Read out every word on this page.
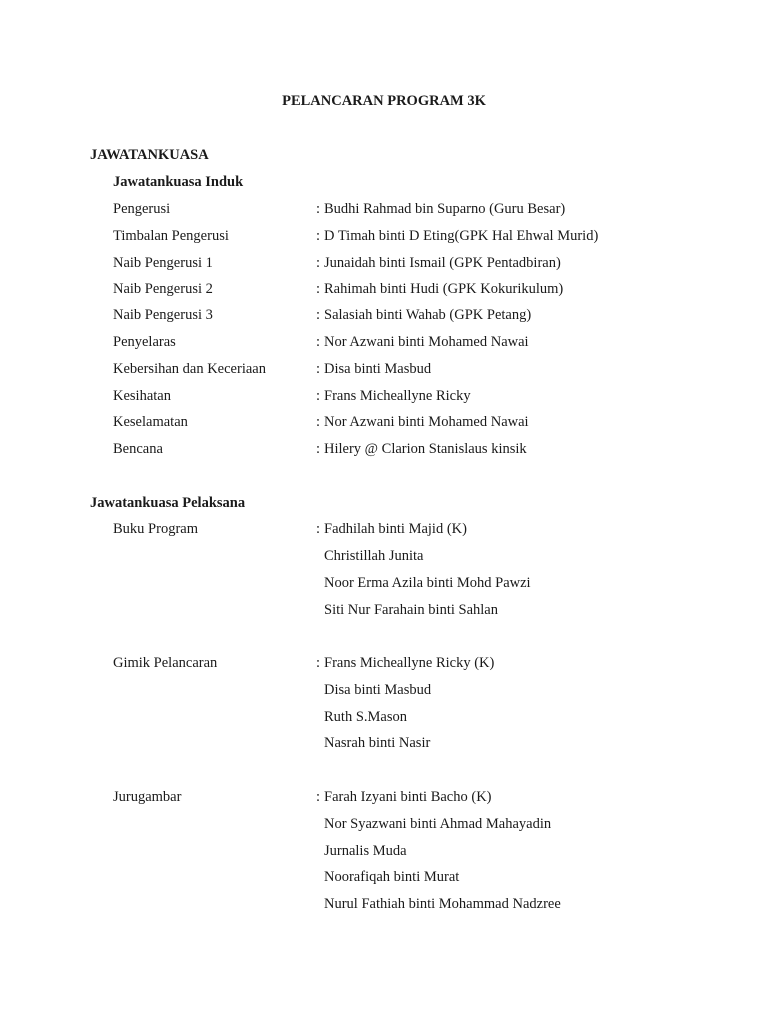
PELANCARAN PROGRAM 3K
JAWATANKUASA
Jawatankuasa Induk
Pengerusi	: Budhi Rahmad bin Suparno (Guru Besar)
Timbalan Pengerusi	: D Timah binti D Eting(GPK Hal Ehwal Murid)
Naib Pengerusi 1	: Junaidah binti Ismail (GPK Pentadbiran)
Naib Pengerusi 2	: Rahimah binti Hudi (GPK Kokurikulum)
Naib Pengerusi 3	: Salasiah binti Wahab (GPK Petang)
Penyelaras	: Nor Azwani binti Mohamed Nawai
Kebersihan dan Keceriaan	: Disa binti Masbud
Kesihatan	: Frans Micheallyne Ricky
Keselamatan	: Nor Azwani binti Mohamed Nawai
Bencana	: Hilery @ Clarion Stanislaus kinsik
Jawatankuasa Pelaksana
Buku Program	: Fadhilah binti Majid (K)
Christillah Junita
Noor Erma Azila binti Mohd Pawzi
Siti Nur Farahain binti Sahlan
Gimik Pelancaran	: Frans Micheallyne Ricky (K)
Disa binti Masbud
Ruth S.Mason
Nasrah binti Nasir
Jurugambar	: Farah Izyani binti Bacho (K)
Nor Syazwani binti Ahmad Mahayadin
Jurnalis Muda
Noorafiqah binti Murat
Nurul Fathiah binti Mohammad Nadzree
